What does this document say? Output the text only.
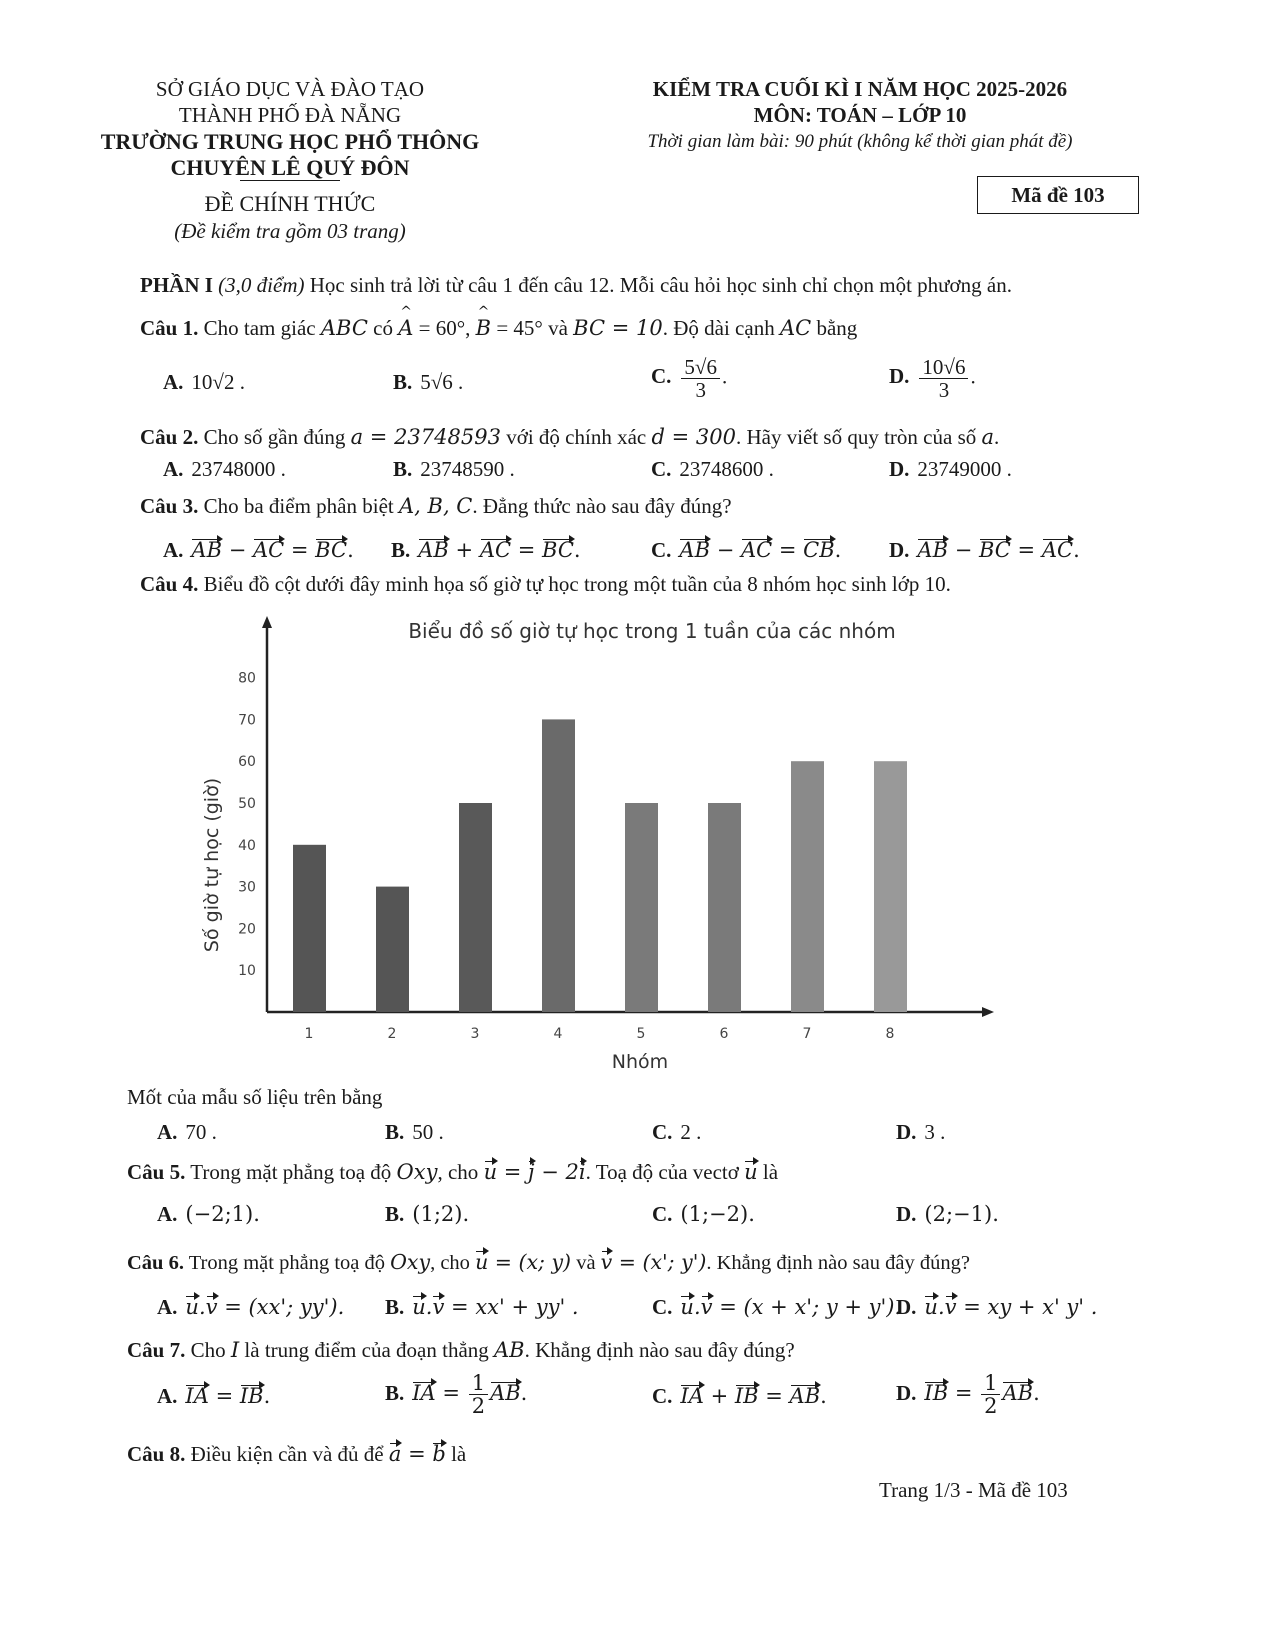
SỞ GIÁO DỤC VÀ ĐÀO TẠO
THÀNH PHỐ ĐÀ NẴNG
TRƯỜNG TRUNG HỌC PHỔ THÔNG
CHUYÊN LÊ QUÝ ĐÔN
ĐỀ CHÍNH THỨC
(Đề kiểm tra gồm 03 trang)
KIỂM TRA CUỐI KÌ I NĂM HỌC 2025-2026
MÔN: TOÁN – LỚP 10
Thời gian làm bài: 90 phút (không kể thời gian phát đề)
Mã đề 103
PHẦN I (3,0 điểm) Học sinh trả lời từ câu 1 đến câu 12. Mỗi câu hỏi học sinh chỉ chọn một phương án.
Câu 1. Cho tam giác ABC có
^
A = 60°,
^
B = 45° và BC = 10. Độ dài cạnh AC bằng
A. 10√2 .	B. 5√6 .	C. $\frac{5√6}{3}$ .	D. $\frac{10√6}{3}$ .
Câu 2. Cho số gần đúng a = 23748593 với độ chính xác d = 300. Hãy viết số quy tròn của số a.
A. 23748000 .	B. 23748590 .	C. 23748600 .	D. 23749000 .
Câu 3. Cho ba điểm phân biệt A, B, C. Đẳng thức nào sau đây đúng?
A. AB − AC = BC. B. AB + AC = BC.	C. AB − AC = CB. D. AB − BC = AC.
Câu 4. Biểu đồ cột dưới đây minh họa số giờ tự học trong một tuần của 8 nhóm học sinh lớp 10.
Biểu đồ số giờ tự học trong 1 tuần của các nhóm
Nhóm
Số giờ tự học (giờ)
10
20
30
40
50
60
70
80
1	2	3	4	5	6	7	8
Mốt của mẫu số liệu trên bằng
A. 70 .	B. 50 .	C. 2 .	D. 3 .
Câu 5. Trong mặt phẳng toạ độ Oxy, cho u = j − 2i. Toạ độ của vectơ u là
A. (−2;1).	B. (1;2).	C. (1;−2).	D. (2;−1).
Câu 6. Trong mặt phẳng toạ độ Oxy, cho u = (x; y) và v = (x'; y'). Khẳng định nào sau đây đúng?
A. u.v = (xx'; yy'). B. u.v = xx' + yy' .	C. u.v = (x + x'; y + y').
D. u.v = xy + x' y' .
Câu 7. Cho I là trung điểm của đoạn thẳng AB. Khẳng định nào sau đây đúng?
A. IA = IB.	B. IA = $\frac{1}{2}$ AB.	C. IA + IB = AB.	D. IB = $\frac{1}{2}$ AB.
Câu 8. Điều kiện cần và đủ để a = b là
Trang 1/3 - Mã đề 103
